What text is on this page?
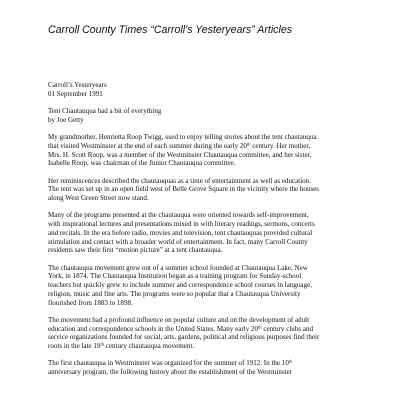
Carroll County Times “Carroll’s Yesteryears” Articles
Carroll’s Yesteryears
01 September 1991
Tent Chautauqua had a bit of everything
by Joe Getty
My grandmother, Henrietta Roop Twigg, used to enjoy telling stories about the tent chautauqua
that visited Westminster at the end of each summer during the early 20th century. Her mother,
Mrs. H. Scott Roop, was a member of the Westminster Chautauqua committee, and her sister,
Isabelle Roop, was chairman of the Junior Chautauqua committee.
Her reminiscences described the chautauquas as a time of entertainment as well as education.
The tent was set up in an open field west of Belle Grove Square in the vicinity where the houses
along West Green Street now stand.
Many of the programs presented at the chautauqua were oriented towards self-improvement,
with inspirational lectures and presentations mixed in with literary readings, sermons, concerts
and recitals. In the era before radio, movies and television, tent chautauquas provided cultural
stimulation and contact with a broader world of entertainment. In fact, many Carroll County
residents saw their first “motion picture” at a tent chautauqua.
The chautauqua movement grew out of a summer school founded at Chautauqua Lake, New
York, in 1874. The Chautauqua Institution began as a training program for Sunday-school
teachers but quickly grew to include summer and correspondence school courses in language,
religion, music and fine arts. The programs were so popular that a Chautauqua University
flourished from 1883 to 1898.
The movement had a profound influence on popular culture and on the development of adult
education and correspondence schools in the United States. Many early 20th century clubs and
service organizations founded for social, arts, gardens, political and religious purposes find their
roots in the late 19th century chautauqua movement.
The first chautauqua in Westminster was organized for the summer of 1912. In the 10th
anniversary program, the following history about the establishment of the Westminster
